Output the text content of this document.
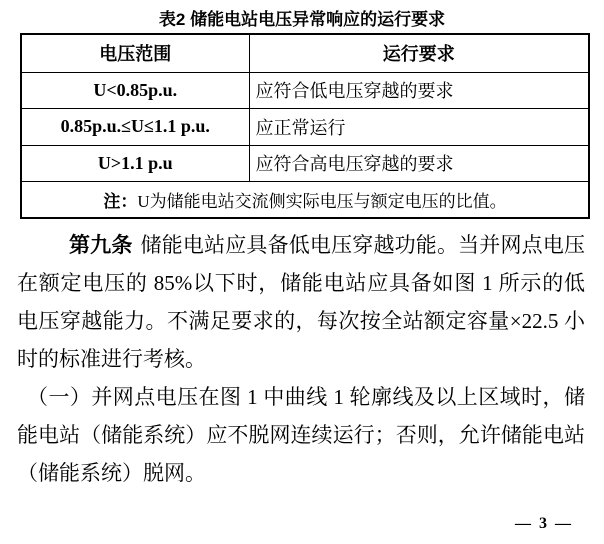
表2 储能电站电压异常响应的运行要求
电压范围	运行要求
U<0.85p.u.	应符合低电压穿越的要求
0.85p.u.≤U≤1.1 p.u.	应正常运行
U>1.1 p.u	应符合高电压穿越的要求
注：U为储能电站交流侧实际电压与额定电压的比值。	

第九条 储能电站应具备低电压穿越功能。当并网点电压在额定电压的 85%以下时，储能电站应具备如图 1 所示的低电压穿越能力。不满足要求的，每次按全站额定容量×22.5 小时的标准进行考核。

（一）并网点电压在图 1 中曲线 1 轮廓线及以上区域时，储能电站（储能系统）应不脱网连续运行；否则，允许储能电站（储能系统）脱网。

— 3 —
